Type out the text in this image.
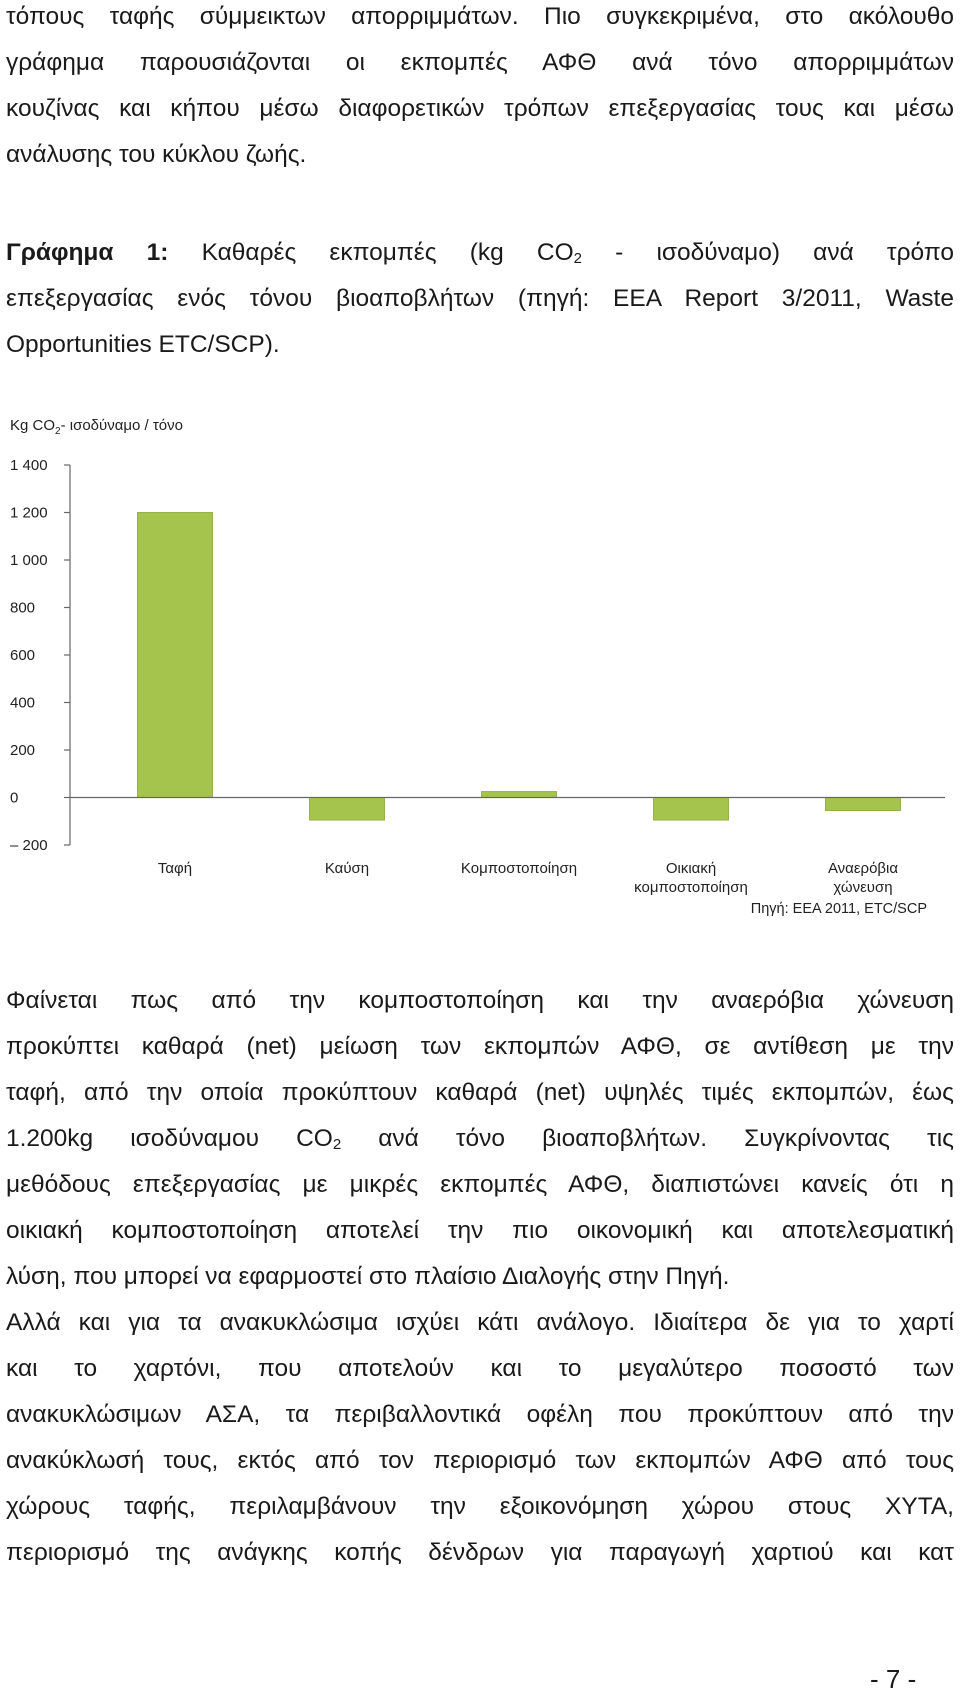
τόπους ταφής σύμμεικτων απορριμμάτων. Πιο συγκεκριμένα, στο ακόλουθο
γράφημα παρουσιάζονται οι εκπομπές ΑΦΘ ανά τόνο απορριμμάτων
κουζίνας και κήπου μέσω διαφορετικών τρόπων επεξεργασίας τους και μέσω
ανάλυσης του κύκλου ζωής.
Γράφημα 1: Καθαρές εκπομπές (kg $CO_2 - \iota\sigma o\delta ύ\nu\alpha\mu o$) ανά τρόπο
επεξεργασίας ενός τόνου βιοαποβλήτων (πηγή: EEA Report 3/2011, Waste
Opportunities ETC/SCP).
Kg $CO_2-$ ισοδύναμο / τόνο
1 400
1 200
1 000
800
600
400
200
0
– 200
Ταφή	Καύση	Κομποστοποίηση	Οικιακή
κομποστοποίηση
Αναερόβια
χώνευση
Πηγή: ΕΕΑ 2011, ETC/SCP
Φαίνεται πως από την κομποστοποίηση και την αναερόβια χώνευση
προκύπτει καθαρά (net) μείωση των εκπομπών ΑΦΘ, σε αντίθεση με την
ταφή, από την οποία προκύπτουν καθαρά (net) υψηλές τιμές εκπομπών, έως
1.200kg ισοδύναμου $CO_2$ ανά τόνο βιοαποβλήτων. Συγκρίνοντας τις
μεθόδους επεξεργασίας με μικρές εκπομπές ΑΦΘ, διαπιστώνει κανείς ότι η
οικιακή κομποστοποίηση αποτελεί την πιο οικονομική και αποτελεσματική
λύση, που μπορεί να εφαρμοστεί στο πλαίσιο Διαλογής στην Πηγή.
Αλλά και για τα ανακυκλώσιμα ισχύει κάτι ανάλογο. Ιδιαίτερα δε για το χαρτί
και το χαρτόνι, που αποτελούν και το μεγαλύτερο ποσοστό των
ανακυκλώσιμων ΑΣΑ, τα περιβαλλοντικά οφέλη που προκύπτουν από την
ανακύκλωσή τους, εκτός από τον περιορισμό των εκπομπών ΑΦΘ από τους
χώρους ταφής, περιλαμβάνουν την εξοικονόμηση χώρου στους ΧΥΤΑ,
περιορισμό της ανάγκης κοπής δένδρων για παραγωγή χαρτιού και κατ
- 7 -
